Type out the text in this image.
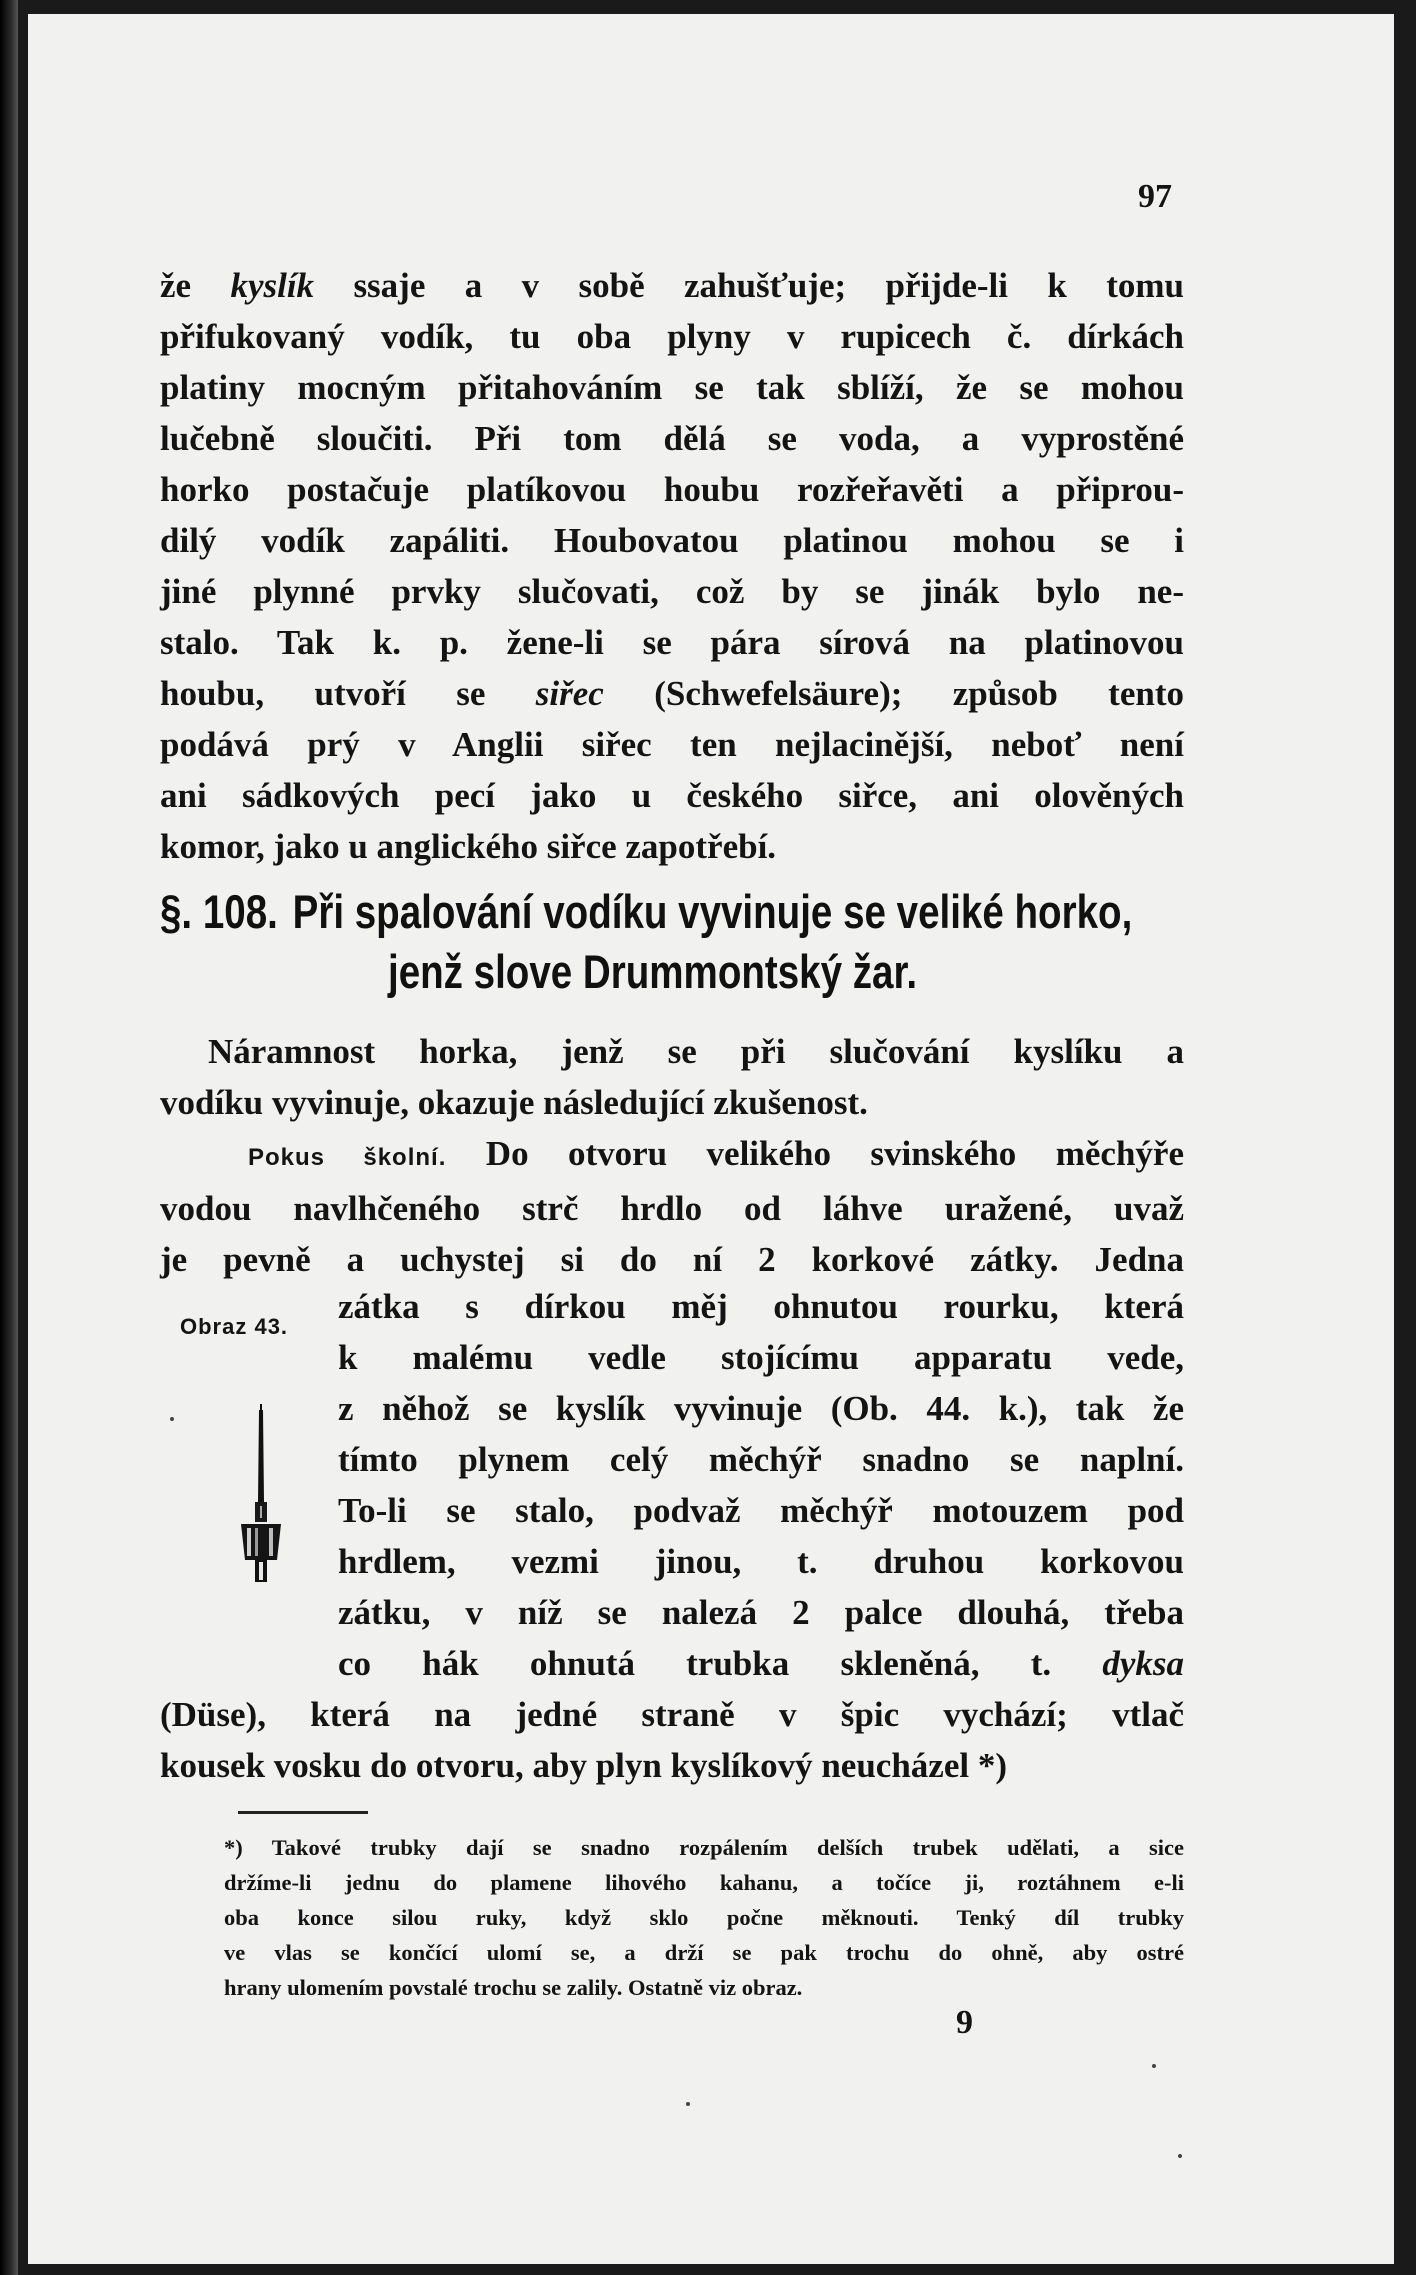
97
že kyslík ssaje a v sobě zahušťuje; přijde-li k tomu
přifukovaný vodík, tu oba plyny v rupicech č. dírkách
platiny mocným přitahováním se tak sblíží, že se mohou
lučebně sloučiti. Při tom dělá se voda, a vyprostěné
horko postačuje platíkovou houbu rozřeřavěti a připrou-
dilý vodík zapáliti. Houbovatou platinou mohou se i
jiné plynné prvky slučovati, což by se jinák bylo ne-
stalo. Tak k. p. žene-li se pára sírová na platinovou
houbu, utvoří se siřec (Schwefelsäure); způsob tento
podává prý v Anglii siřec ten nejlacinější, neboť není
ani sádkových pecí jako u českého siřce, ani olověných
komor, jako u anglického siřce zapotřebí.
§. 108. Při spalování vodíku vyvinuje se veliké horko,
jenž slove Drummontský žar.
Náramnost horka, jenž se při slučování kyslíku a
vodíku vyvinuje, okazuje následující zkušenost.
Pokus školní. Do otvoru velikého svinského měchýře
vodou navlhčeného strč hrdlo od láhve uražené, uvaž
je pevně a uchystej si do ní 2 korkové zátky. Jedna
zátka s dírkou měj ohnutou rourku, která
k malému vedle stojícímu apparatu vede,
z něhož se kyslík vyvinuje (Ob. 44. k.), tak že
tímto plynem celý měchýř snadno se naplní.
To-li se stalo, podvaž měchýř motouzem pod
hrdlem, vezmi jinou, t. druhou korkovou
zátku, v níž se nalezá 2 palce dlouhá, třeba
co hák ohnutá trubka skleněná, t. dyksa
(Düse), která na jedné straně v špic vychází; vtlač
kousek vosku do otvoru, aby plyn kyslíkový neucházel *)
Obraz 43.
*) Takové trubky dají se snadno rozpálením delších trubek udělati, a sice
držíme-li jednu do plamene lihového kahanu, a točíce ji, roztáhnem e-li
oba konce silou ruky, když sklo počne měknouti. Tenký díl trubky
ve vlas se končící ulomí se, a drží se pak trochu do ohně, aby ostré
hrany ulomením povstalé trochu se zalily. Ostatně viz obraz.
9
